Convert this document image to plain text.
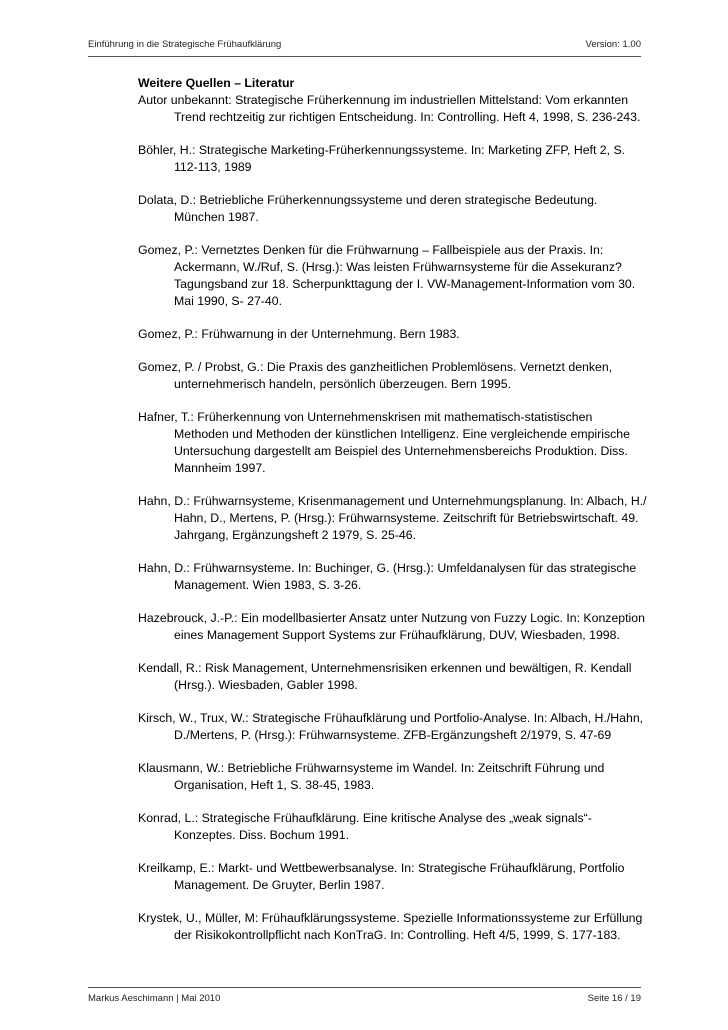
Einführung in die Strategische Frühaufklärung	Version: 1.00

Weitere Quellen – Literatur

Autor unbekannt: Strategische Früherkennung im industriellen Mittelstand: Vom erkannten Trend rechtzeitig zur richtigen Entscheidung. In: Controlling. Heft 4, 1998, S. 236-243.
Böhler, H.: Strategische Marketing-Früherkennungssysteme. In: Marketing ZFP, Heft 2, S. 112-113, 1989
Dolata, D.: Betriebliche Früherkennungssysteme und deren strategische Bedeutung. München 1987.
Gomez, P.: Vernetztes Denken für die Frühwarnung – Fallbeispiele aus der Praxis. In: Ackermann, W./Ruf, S. (Hrsg.): Was leisten Frühwarnsysteme für die Assekuranz? Tagungsband zur 18. Scherpunkttagung der I. VW-Management-Information vom 30. Mai 1990, S- 27-40.
Gomez, P.: Frühwarnung in der Unternehmung. Bern 1983.
Gomez, P. / Probst, G.: Die Praxis des ganzheitlichen Problemlösens. Vernetzt denken, unternehmerisch handeln, persönlich überzeugen. Bern 1995.
Hafner, T.: Früherkennung von Unternehmenskrisen mit mathematisch-statistischen Methoden und Methoden der künstlichen Intelligenz. Eine vergleichende empirische Untersuchung dargestellt am Beispiel des Unternehmensbereichs Produktion. Diss. Mannheim 1997.
Hahn, D.: Frühwarnsysteme, Krisenmanagement und Unternehmungsplanung. In: Albach, H./ Hahn, D., Mertens, P. (Hrsg.): Frühwarnsysteme. Zeitschrift für Betriebswirtschaft. 49. Jahrgang, Ergänzungsheft 2 1979, S. 25-46.
Hahn, D.: Frühwarnsysteme. In: Buchinger, G. (Hrsg.): Umfeldanalysen für das strategische Management. Wien 1983, S. 3-26.
Hazebrouck, J.-P.: Ein modellbasierter Ansatz unter Nutzung von Fuzzy Logic. In: Konzeption eines Management Support Systems zur Frühaufklärung, DUV, Wiesbaden, 1998.
Kendall, R.: Risk Management, Unternehmensrisiken erkennen und bewältigen, R. Kendall (Hrsg.). Wiesbaden, Gabler 1998.
Kirsch, W., Trux, W.: Strategische Frühaufklärung und Portfolio-Analyse. In: Albach, H./Hahn, D./Mertens, P. (Hrsg.): Frühwarnsysteme. ZFB-Ergänzungsheft 2/1979, S. 47-69
Klausmann, W.: Betriebliche Frühwarnsysteme im Wandel. In: Zeitschrift Führung und Organisation, Heft 1, S. 38-45, 1983.
Konrad, L.: Strategische Frühaufklärung. Eine kritische Analyse des „weak signals“-Konzeptes. Diss. Bochum 1991.
Kreilkamp, E.: Markt- und Wettbewerbsanalyse. In: Strategische Frühaufklärung, Portfolio Management. De Gruyter, Berlin 1987.
Krystek, U., Müller, M: Frühaufklärungssysteme. Spezielle Informationssysteme zur Erfüllung der Risikokontrollpflicht nach KonTraG. In: Controlling. Heft 4/5, 1999, S. 177-183.
Markus Aeschimann | Mai 2010	Seite 16 / 19
